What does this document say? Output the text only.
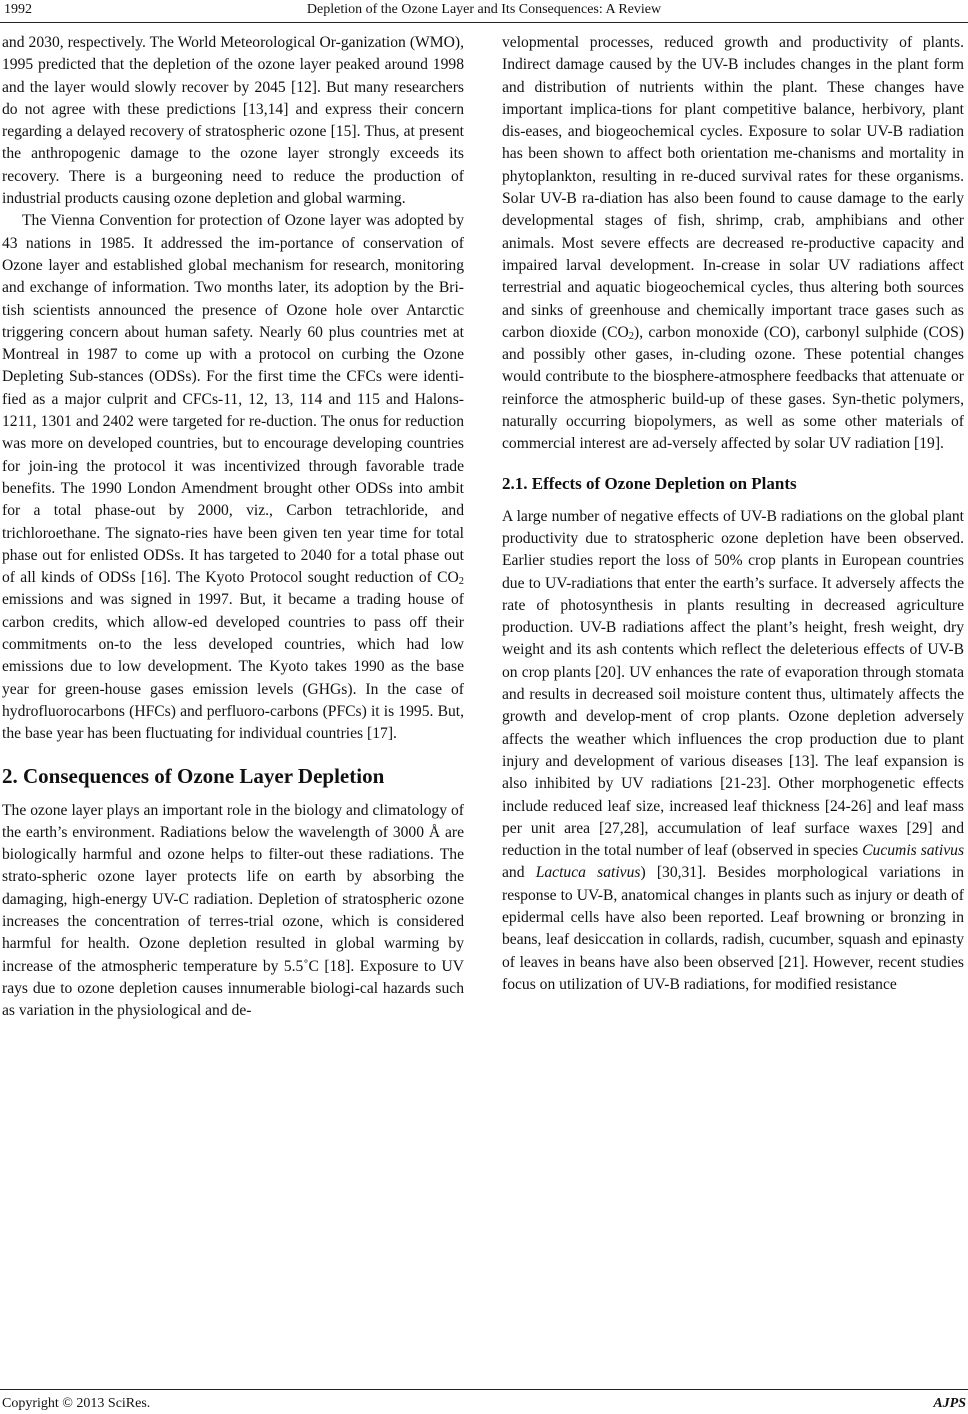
1992	Depletion of the Ozone Layer and Its Consequences: A Review

and 2030, respectively. The World Meteorological Or-ganization (WMO), 1995 predicted that the depletion of the ozone layer peaked around 1998 and the layer would slowly recover by 2045 [12]. But many researchers do not agree with these predictions [13,14] and express their concern regarding a delayed recovery of stratospheric ozone [15]. Thus, at present the anthropogenic damage to the ozone layer strongly exceeds its recovery. There is a burgeoning need to reduce the production of industrial products causing ozone depletion and global warming.

The Vienna Convention for protection of Ozone layer was adopted by 43 nations in 1985. It addressed the im-portance of conservation of Ozone layer and established global mechanism for research, monitoring and exchange of information. Two months later, its adoption by the Bri-tish scientists announced the presence of Ozone hole over Antarctic triggering concern about human safety. Nearly 60 plus countries met at Montreal in 1987 to come up with a protocol on curbing the Ozone Depleting Sub-stances (ODSs). For the first time the CFCs were identi-fied as a major culprit and CFCs-11, 12, 13, 114 and 115 and Halons-1211, 1301 and 2402 were targeted for re-duction. The onus for reduction was more on developed countries, but to encourage developing countries for join-ing the protocol it was incentivized through favorable trade benefits. The 1990 London Amendment brought other ODSs into ambit for a total phase-out by 2000, viz., Carbon tetrachloride, and trichloroethane. The signato-ries have been given ten year time for total phase out for enlisted ODSs. It has targeted to 2040 for a total phase out of all kinds of ODSs [16]. The Kyoto Protocol sought reduction of $CO_2$ emissions and was signed in 1997. But, it became a trading house of carbon credits, which allow-ed developed countries to pass off their commitments on-to the less developed countries, which had low emissions due to low development. The Kyoto takes 1990 as the base year for green-house gases emission levels (GHGs). In the case of hydrofluorocarbons (HFCs) and perfluoro-carbons (PFCs) it is 1995. But, the base year has been fluctuating for individual countries [17].

2. Consequences of Ozone Layer Depletion

The ozone layer plays an important role in the biology and climatology of the earth’s environment. Radiations below the wavelength of 3000 Å are biologically harmful and ozone helps to filter-out these radiations. The strato-spheric ozone layer protects life on earth by absorbing the damaging, high-energy UV-C radiation. Depletion of stratospheric ozone increases the concentration of terres-trial ozone, which is considered harmful for health. Ozone depletion resulted in global warming by increase of the atmospheric temperature by 5.5˚C [18]. Exposure to UV rays due to ozone depletion causes innumerable biologi-cal hazards such as variation in the physiological and de-

velopmental processes, reduced growth and productivity of plants. Indirect damage caused by the UV-B includes changes in the plant form and distribution of nutrients within the plant. These changes have important implica-tions for plant competitive balance, herbivory, plant dis-eases, and biogeochemical cycles. Exposure to solar UV-B radiation has been shown to affect both orientation me-chanisms and mortality in phytoplankton, resulting in re-duced survival rates for these organisms. Solar UV-B ra-diation has also been found to cause damage to the early developmental stages of fish, shrimp, crab, amphibians and other animals. Most severe effects are decreased re-productive capacity and impaired larval development. In-crease in solar UV radiations affect terrestrial and aquatic biogeochemical cycles, thus altering both sources and sinks of greenhouse and chemically important trace gases such as carbon dioxide $(CO_2)$, carbon monoxide (CO), carbonyl sulphide (COS) and possibly other gases, in-cluding ozone. These potential changes would contribute to the biosphere-atmosphere feedbacks that attenuate or reinforce the atmospheric build-up of these gases. Syn-thetic polymers, naturally occurring biopolymers, as well as some other materials of commercial interest are ad-versely affected by solar UV radiation [19].

2.1. Effects of Ozone Depletion on Plants

A large number of negative effects of UV-B radiations on the global plant productivity due to stratospheric ozone depletion have been observed. Earlier studies report the loss of 50% crop plants in European countries due to UV-radiations that enter the earth’s surface. It adversely affects the rate of photosynthesis in plants resulting in decreased agriculture production. UV-B radiations affect the plant’s height, fresh weight, dry weight and its ash contents which reflect the deleterious effects of UV-B on crop plants [20]. UV enhances the rate of evaporation through stomata and results in decreased soil moisture content thus, ultimately affects the growth and develop-ment of crop plants. Ozone depletion adversely affects the weather which influences the crop production due to plant injury and development of various diseases [13]. The leaf expansion is also inhibited by UV radiations [21-23]. Other morphogenetic effects include reduced leaf size, increased leaf thickness [24-26] and leaf mass per unit area [27,28], accumulation of leaf surface waxes [29] and reduction in the total number of leaf (observed in species Cucumis sativus and Lactuca sativus) [30,31]. Besides morphological variations in response to UV-B, anatomical changes in plants such as injury or death of epidermal cells have also been reported. Leaf browning or bronzing in beans, leaf desiccation in collards, radish, cucumber, squash and epinasty of leaves in beans have also been observed [21]. However, recent studies focus on utilization of UV-B radiations, for modified resistance

Copyright © 2013 SciRes.	AJPS
